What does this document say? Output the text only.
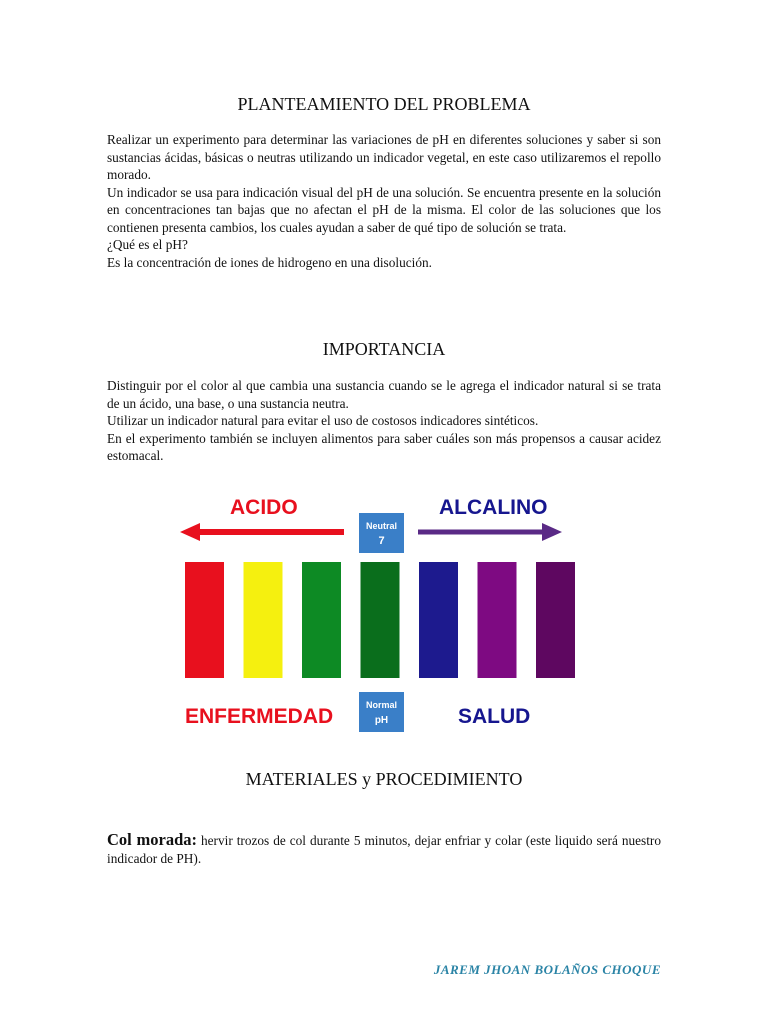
PLANTEAMIENTO DEL PROBLEMA

Realizar un experimento para determinar las variaciones de pH en diferentes soluciones y saber si son sustancias ácidas, básicas o neutras utilizando un indicador vegetal, en este caso utilizaremos el repollo morado.

Un indicador se usa para indicación visual del pH de una solución. Se encuentra presente en la solución en concentraciones tan bajas que no afectan el pH de la misma. El color de las soluciones que los contienen presenta cambios, los cuales ayudan a saber de qué tipo de solución se trata.

¿Qué es el pH?

Es la concentración de iones de hidrogeno en una disolución.

IMPORTANCIA

Distinguir por el color al que cambia una sustancia cuando se le agrega el indicador natural si se trata de un ácido, una base, o una sustancia neutra.

Utilizar un indicador natural para evitar el uso de costosos indicadores sintéticos.

En el experimento también se incluyen alimentos para saber cuáles son más propensos a causar acidez estomacal.

ACIDO
Neutral
7
ALCALINO
Normal
pH
ENFERMEDAD	SALUD
MATERIALES y PROCEDIMIENTO
Col morada: hervir trozos de col durante 5 minutos, dejar enfriar y colar (este liquido será nuestro indicador de PH).
JAREM JHOAN BOLAÑOS CHOQUE
